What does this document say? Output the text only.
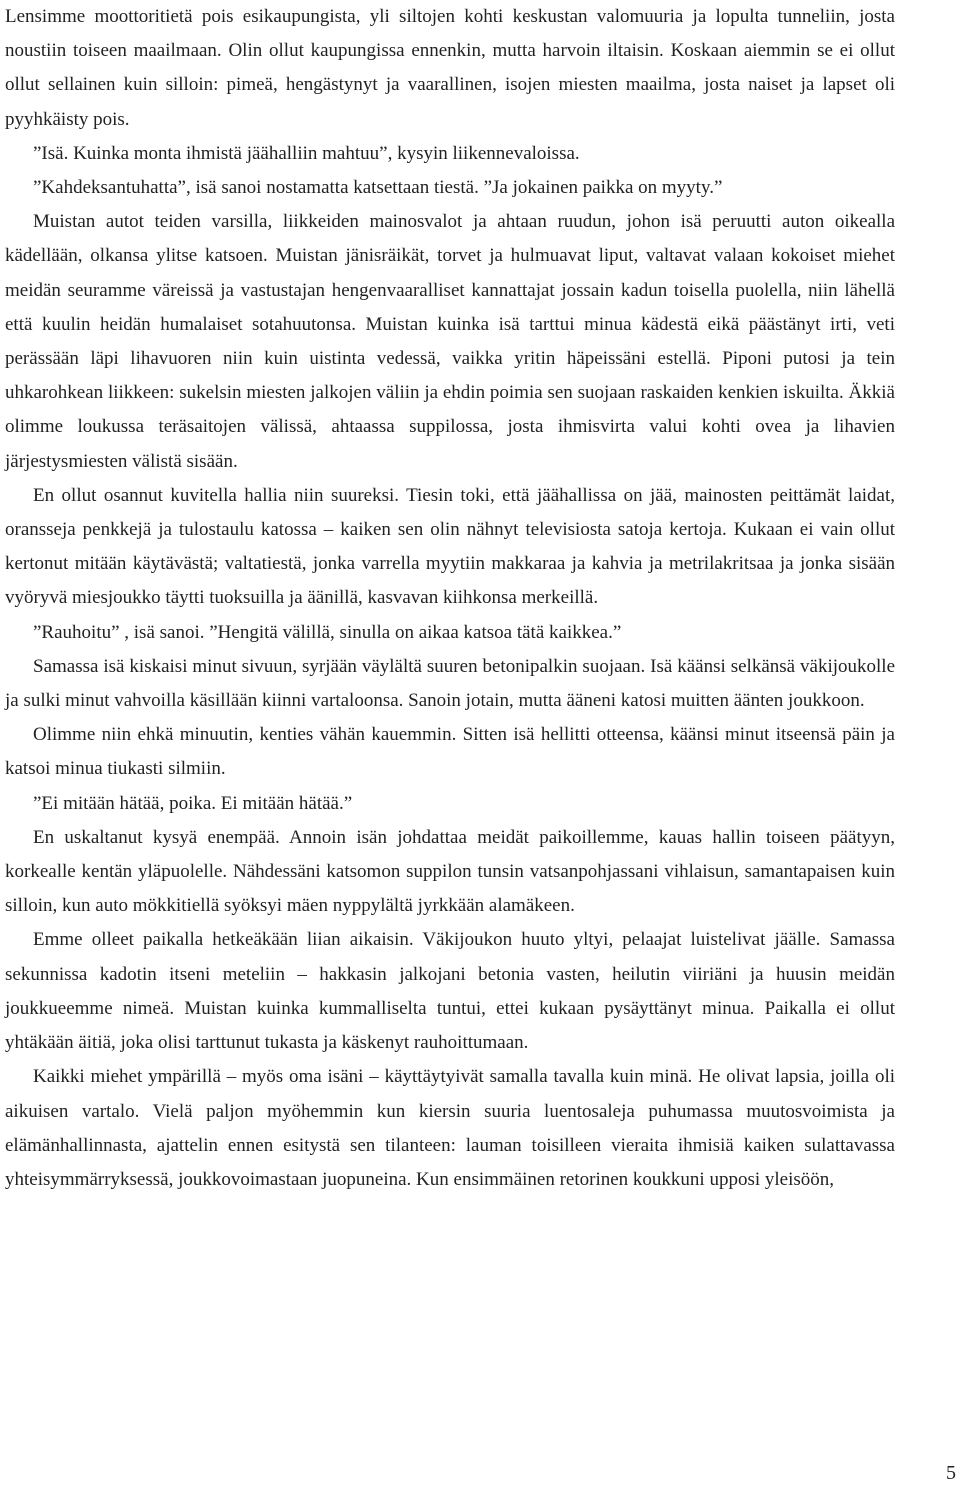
Lensimme moottoritietä pois esikaupungista, yli siltojen kohti keskustan valomuuria ja lopulta tunneliin, josta noustiin toiseen maailmaan. Olin ollut kaupungissa ennenkin, mutta harvoin iltaisin. Koskaan aiemmin se ei ollut ollut sellainen kuin silloin: pimeä, hengästynyt ja vaarallinen, isojen miesten maailma, josta naiset ja lapset oli pyyhkäisty pois.

”Isä. Kuinka monta ihmistä jäähalliin mahtuu”, kysyin liikennevaloissa.

”Kahdeksantuhatta”, isä sanoi nostamatta katsettaan tiestä. ”Ja jokainen paikka on myyty.”

Muistan autot teiden varsilla, liikkeiden mainosvalot ja ahtaan ruudun, johon isä peruutti auton oikealla kädellään, olkansa ylitse katsoen. Muistan jänisräikät, torvet ja hulmuavat liput, valtavat valaan kokoiset miehet meidän seuramme väreissä ja vastustajan hengenvaaralliset kannattajat jossain kadun toisella puolella, niin lähellä että kuulin heidän humalaiset sotahuutonsa. Muistan kuinka isä tarttui minua kädestä eikä päästänyt irti, veti perässään läpi lihavuoren niin kuin uistinta vedessä, vaikka yritin häpeissäni estellä. Piponi putosi ja tein uhkarohkean liikkeen: sukelsin miesten jalkojen väliin ja ehdin poimia sen suojaan raskaiden kenkien iskuilta. Äkkiä olimme loukussa teräsaitojen välissä, ahtaassa suppilossa, josta ihmisvirta valui kohti ovea ja lihavien järjestysmiesten välistä sisään.

En ollut osannut kuvitella hallia niin suureksi. Tiesin toki, että jäähallissa on jää, mainosten peittämät laidat, oransseja penkkejä ja tulostaulu katossa – kaiken sen olin nähnyt televisiosta satoja kertoja. Kukaan ei vain ollut kertonut mitään käytävästä; valtatiestä, jonka varrella myytiin makkaraa ja kahvia ja metrilakritsaa ja jonka sisään vyöryvä miesjoukko täytti tuoksuilla ja äänillä, kasvavan kiihkonsa merkeillä.

”Rauhoitu” , isä sanoi. ”Hengitä välillä, sinulla on aikaa katsoa tätä kaikkea.”

Samassa isä kiskaisi minut sivuun, syrjään väylältä suuren betonipalkin suojaan. Isä käänsi selkänsä väkijoukolle ja sulki minut vahvoilla käsillään kiinni vartaloonsa. Sanoin jotain, mutta ääneni katosi muitten äänten joukkoon.

Olimme niin ehkä minuutin, kenties vähän kauemmin. Sitten isä hellitti otteensa, käänsi minut itseensä päin ja katsoi minua tiukasti silmiin.

”Ei mitään hätää, poika. Ei mitään hätää.”

En uskaltanut kysyä enempää. Annoin isän johdattaa meidät paikoillemme, kauas hallin toiseen päätyyn, korkealle kentän yläpuolelle. Nähdessäni katsomon suppilon tunsin vatsanpohjassani vihlaisun, samantapaisen kuin silloin, kun auto mökkitiellä syöksyi mäen nyppylältä jyrkkään alamäkeen.

Emme olleet paikalla hetkeäkään liian aikaisin. Väkijoukon huuto yltyi, pelaajat luistelivat jäälle. Samassa sekunnissa kadotin itseni meteliin – hakkasin jalkojani betonia vasten, heilutin viiriäni ja huusin meidän joukkueemme nimeä. Muistan kuinka kummalliselta tuntui, ettei kukaan pysäyttänyt minua. Paikalla ei ollut yhtäkään äitiä, joka olisi tarttunut tukasta ja käskenyt rauhoittumaan.

Kaikki miehet ympärillä – myös oma isäni – käyttäytyivät samalla tavalla kuin minä. He olivat lapsia, joilla oli aikuisen vartalo. Vielä paljon myöhemmin kun kiersin suuria luentosaleja puhumassa muutosvoimista ja elämänhallinnasta, ajattelin ennen esitystä sen tilanteen: lauman toisilleen vieraita ihmisiä kaiken sulattavassa yhteisymmärryksessä, joukkovoimastaan juopuneina. Kun ensimmäinen retorinen koukkuni upposi yleisöön,

5
